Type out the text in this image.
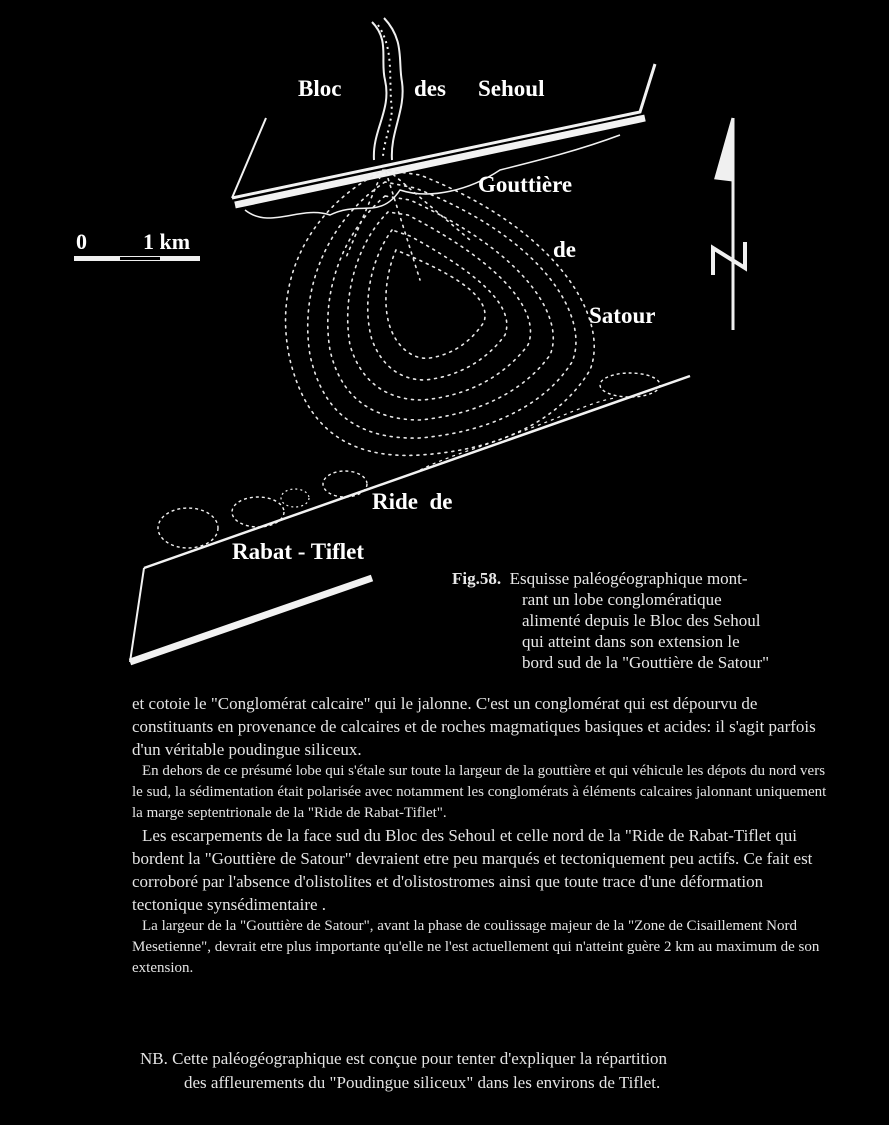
Bloc	des Sehoul
Gouttière
de
Satour
Ride  de
Rabat - Tiflet
0	1 km
Fig.58. Esquisse paléogéographique mont-
rant un lobe conglomératique
alimenté depuis le Bloc des Sehoul
qui atteint dans son extension le
bord sud de la "Gouttière de Satour"

et cotoie le "Conglomérat calcaire" qui le jalonne. C'est un conglomérat qui est dépourvu de constituants en provenance de calcaires et de roches magmatiques basiques et acides: il s'agit parfois d'un véritable poudingue siliceux.

En dehors de ce présumé lobe qui s'étale sur toute la largeur de la gouttière et qui véhicule les dépots du nord vers le sud, la sédimentation était polarisée avec notamment les conglomérats à éléments calcaires jalonnant uniquement la marge septentrionale de la "Ride de Rabat-Tiflet".

Les escarpements de la face sud du Bloc des Sehoul et celle nord de la "Ride de Rabat-Tiflet qui bordent la "Gouttière de Satour" devraient etre peu marqués et tectoniquement peu actifs. Ce fait est corroboré par l'absence d'olistolites et d'olistostromes ainsi que toute trace d'une déformation tectonique synsédimentaire .

La largeur de la "Gouttière de Satour", avant la phase de coulissage majeur de la "Zone de Cisaillement Nord Mesetienne", devrait etre plus importante qu'elle ne l'est actuellement qui n'atteint guère 2 km au maximum de son extension.

NB. Cette paléogéographique est conçue pour tenter d'expliquer la répartition
des affleurements du "Poudingue siliceux" dans les environs de Tiflet.
